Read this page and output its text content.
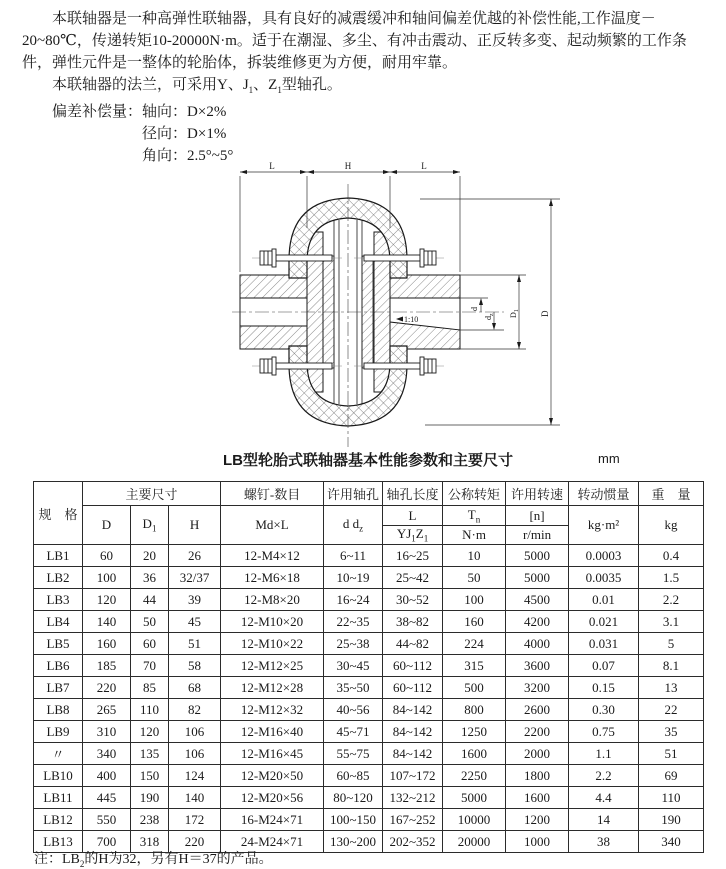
本联轴器是一种高弹性联轴器，具有良好的减震缓冲和轴间偏差优越的补偿性能,工作温度－20~80℃，传递转矩10-20000N·m。适于在潮湿、多尘、有冲击震动、正反转多变、起动频繁的工作条件，弹性元件是一整体的轮胎体，拆装维修更为方便，耐用牢靠。

本联轴器的法兰，可采用Y、$J_1$、$Z_1$型轴孔。

偏差补偿量： 轴向：D×2%
径向：D×1%
角向：2.5°~5°
1:10
L	H	L
d
$d_z$ $D_1$ D
LB型轮胎式联轴器基本性能参数和主要尺寸	mm
规　格	主要尺寸			螺钉-数目	许用轴孔	轴孔长度	公称转矩	许用转速	转动惯量	重　量
	D	$D_1$	H	Md×L	d $d_z$	L	$T_n$	[n]	kg·m²	kg
						$YJ_1Z_1$	N·m	r/min		
LB1	60	20	26	12-M4×12	6~11	16~25	10	5000	0.0003	0.4
LB2	100	36	32/37	12-M6×18	10~19	25~42	50	5000	0.0035	1.5
LB3	120	44	39	12-M8×20	16~24	30~52	100	4500	0.01	2.2
LB4	140	50	45	12-M10×20	22~35	38~82	160	4200	0.021	3.1
LB5	160	60	51	12-M10×22	25~38	44~82	224	4000	0.031	5
LB6	185	70	58	12-M12×25	30~45	60~112	315	3600	0.07	8.1
LB7	220	85	68	12-M12×28	35~50	60~112	500	3200	0.15	13
LB8	265	110	82	12-M12×32	40~56	84~142	800	2600	0.30	22
LB9	310	120	106	12-M16×40	45~71	84~142	1250	2200	0.75	35
〃	340	135	106	12-M16×45	55~75	84~142	1600	2000	1.1	51
LB10	400	150	124	12-M20×50	60~85	107~172	2250	1800	2.2	69
LB11	445	190	140	12-M20×56	80~120	132~212	5000	1600	4.4	110
LB12	550	238	172	16-M24×71	100~150	167~252	10000	1200	14	190
LB13	700	318	220	24-M24×71	130~200	202~352	20000	1000	38	340
注：$LB_2$的H为32，另有H＝37的产品。
